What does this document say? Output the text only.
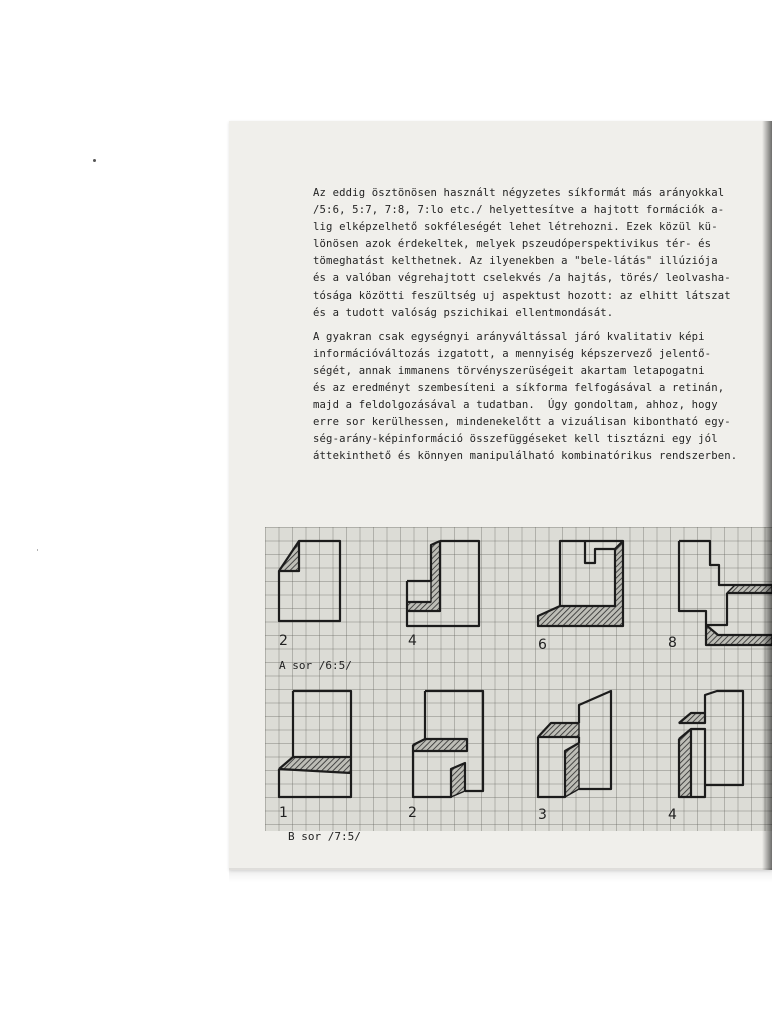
Az eddig ösztönösen használt négyzetes síkformát más arányokkal
/5:6, 5:7, 7:8, 7:lo etc./ helyettesítve a hajtott formációk a-
lig elképzelhető sokféleségét lehet létrehozni. Ezek közül kü-
lönösen azok érdekeltek, melyek pszeudóperspektivikus tér- és
tömeghatást kelthetnek. Az ilyenekben a "bele-látás" illúziója
és a valóban végrehajtott cselekvés /a hajtás, törés/ leolvasha-
tósága közötti feszültség uj aspektust hozott: az elhitt látszat
és a tudott valóság pszichikai ellentmondását.
A gyakran csak egységnyi arányváltással járó kvalitativ képi
információváltozás izgatott, a mennyiség képszervező jelentő-
ségét, annak immanens törvényszerüségeit akartam letapogatni
és az eredményt szembesíteni a síkforma felfogásával a retinán,
majd a feldolgozásával a tudatban.  Úgy gondoltam, ahhoz, hogy
erre sor kerülhessen, mindenekelőtt a vizuálisan kibontható egy-
ség-arány-képinformáció összefüggéseket kell tisztázni egy jól
áttekinthető és könnyen manipulálható kombinatórikus rendszerben.
2	4	6	8
1	2	3	4
A sor /6:5/
B sor /7:5/
